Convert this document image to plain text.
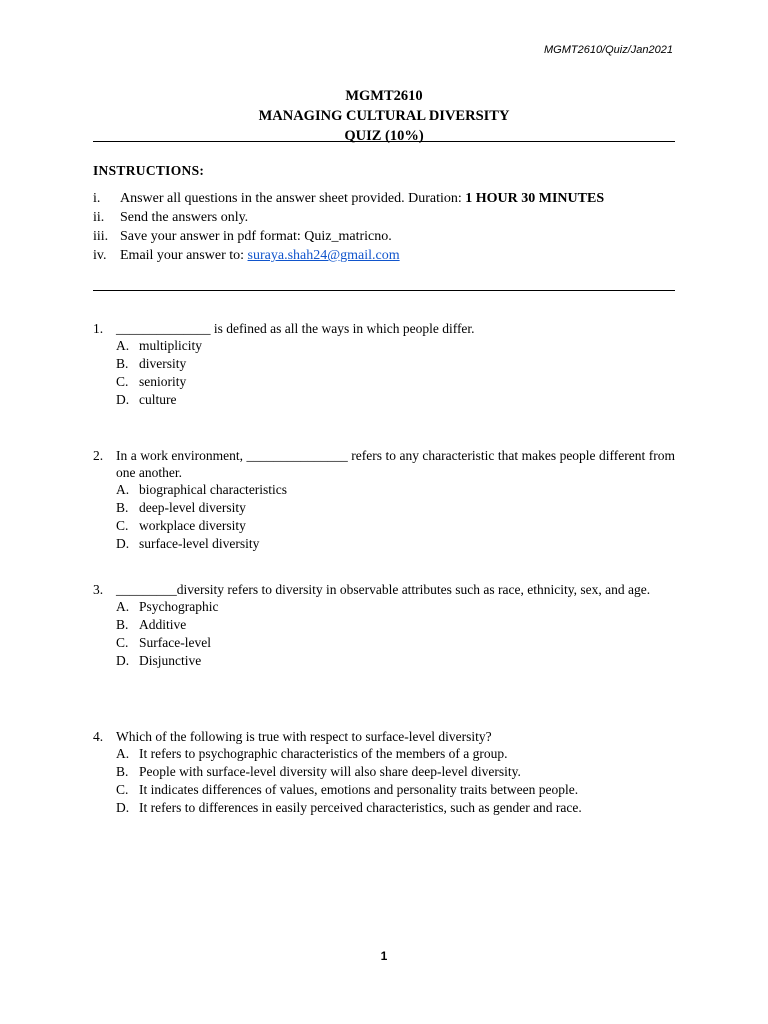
MGMT2610/Quiz/Jan2021
MGMT2610
MANAGING CULTURAL DIVERSITY
QUIZ (10%)
INSTRUCTIONS:
i. Answer all questions in the answer sheet provided. Duration: 1 HOUR 30 MINUTES
ii. Send the answers only.
iii. Save your answer in pdf format: Quiz_matricno.
iv. Email your answer to: suraya.shah24@gmail.com
1. ______________ is defined as all the ways in which people differ.
A. multiplicity
B. diversity
C. seniority
D. culture
2. In a work environment, _______________ refers to any characteristic that makes people different from one another.
A. biographical characteristics
B. deep-level diversity
C. workplace diversity
D. surface-level diversity
3. _________diversity refers to diversity in observable attributes such as race, ethnicity, sex, and age.
A. Psychographic
B. Additive
C. Surface-level
D. Disjunctive
4. Which of the following is true with respect to surface-level diversity?
A. It refers to psychographic characteristics of the members of a group.
B. People with surface-level diversity will also share deep-level diversity.
C. It indicates differences of values, emotions and personality traits between people.
D. It refers to differences in easily perceived characteristics, such as gender and race.
1
